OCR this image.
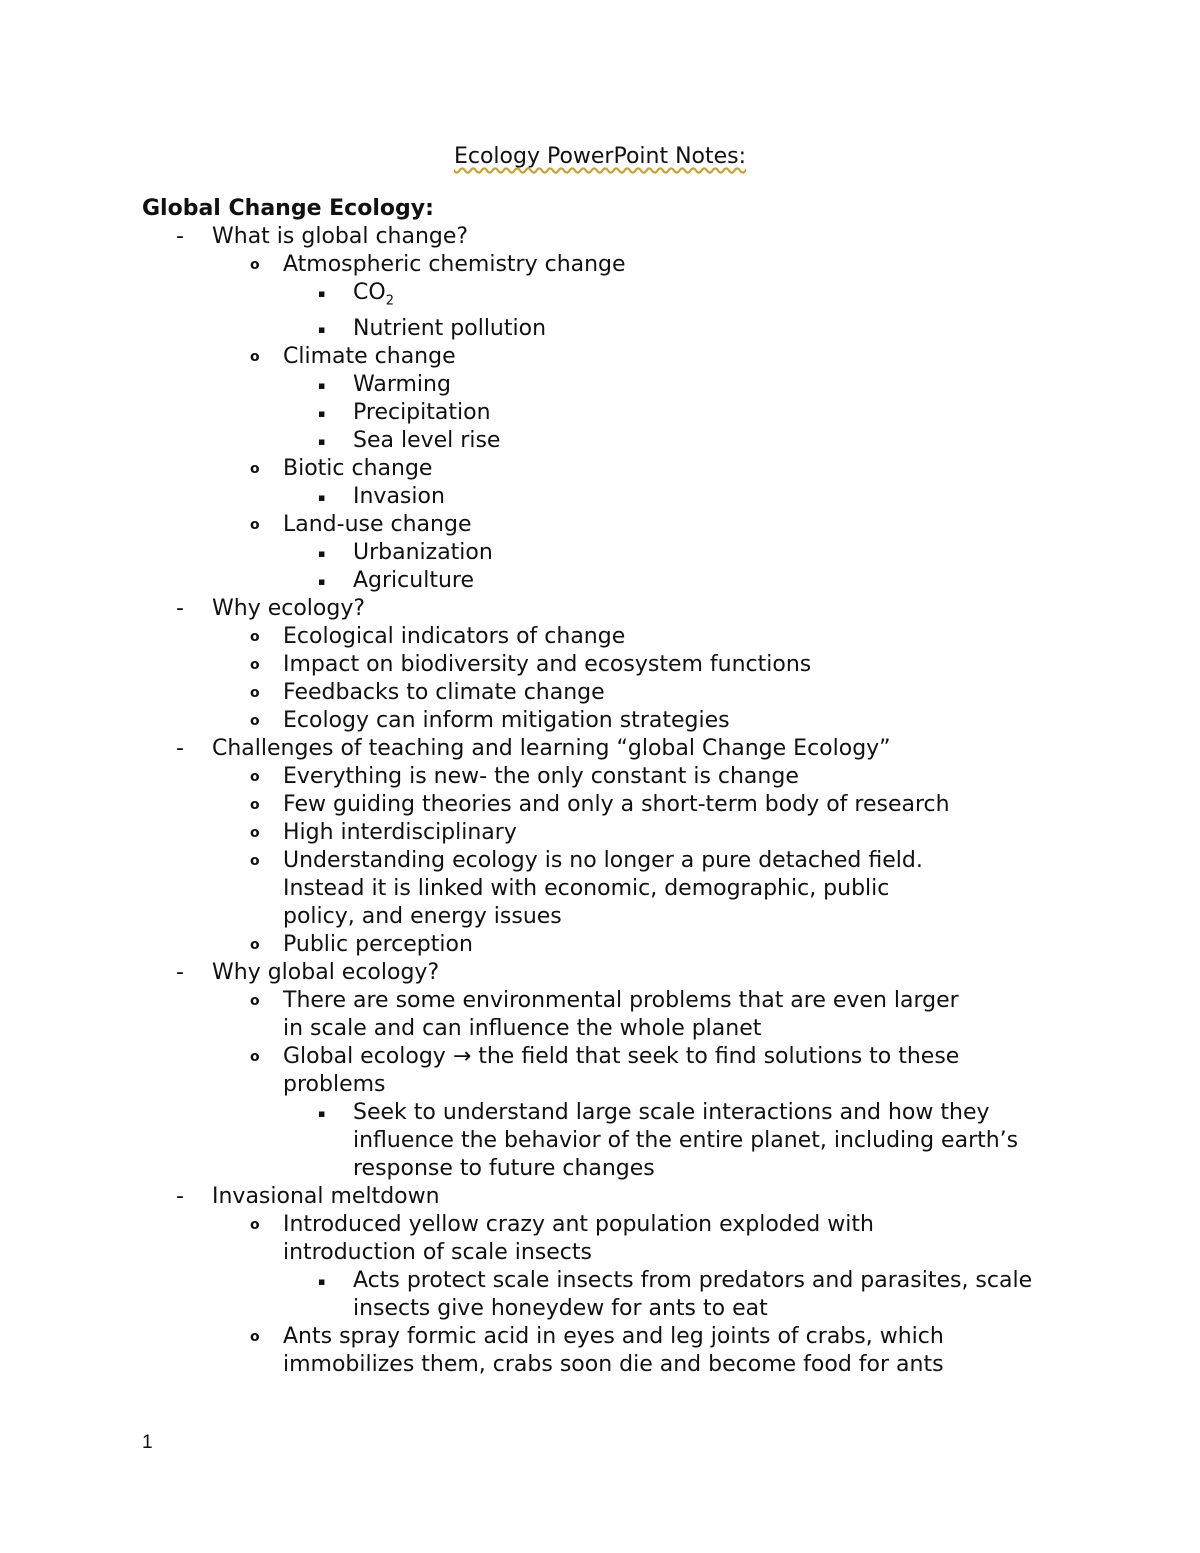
Ecology PowerPoint Notes:
Global Change Ecology:
- What is global change?
o Atmospheric chemistry change
▪ $CO_2$
▪ Nutrient pollution
o Climate change
▪ Warming
▪ Precipitation
▪ Sea level rise
o Biotic change
▪ Invasion
o Land-use change
▪ Urbanization
▪ Agriculture
- Why ecology?
o Ecological indicators of change
o Impact on biodiversity and ecosystem functions
o Feedbacks to climate change
o Ecology can inform mitigation strategies
- Challenges of teaching and learning “global Change Ecology”
o Everything is new- the only constant is change
o Few guiding theories and only a short-term body of research
o High interdisciplinary
o Understanding ecology is no longer a pure detached field. Instead it is linked with economic, demographic, public policy, and energy issues
o Public perception
- Why global ecology?
o There are some environmental problems that are even larger in scale and can influence the whole planet
o Global ecology → the field that seek to find solutions to these problems
▪ Seek to understand large scale interactions and how they influence the behavior of the entire planet, including earth’s response to future changes
- Invasional meltdown
o Introduced yellow crazy ant population exploded with introduction of scale insects
▪ Acts protect scale insects from predators and parasites, scale insects give honeydew for ants to eat
o Ants spray formic acid in eyes and leg joints of crabs, which immobilizes them, crabs soon die and become food for ants
1
